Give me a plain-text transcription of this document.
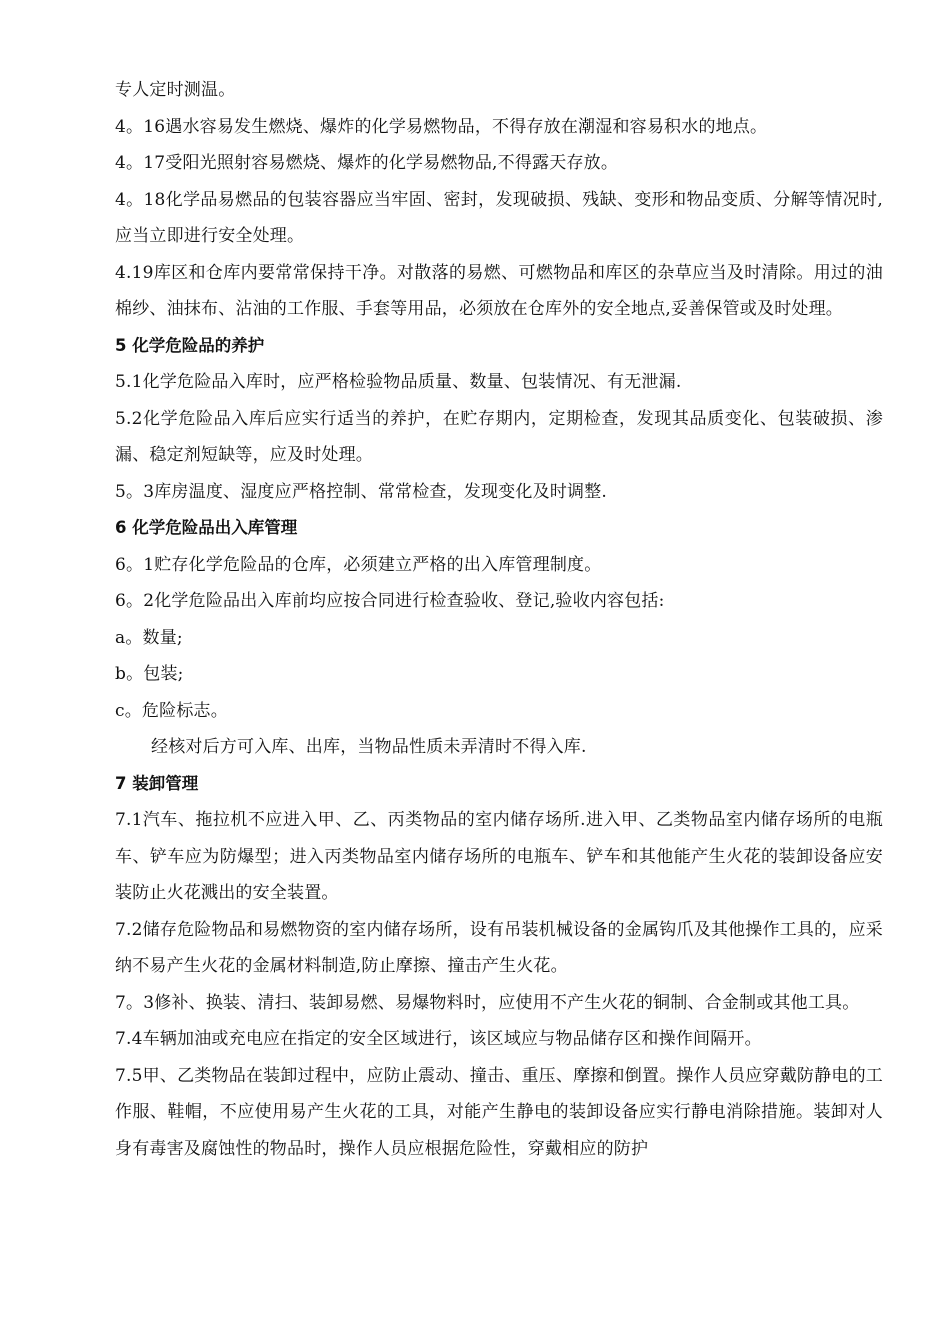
专人定时测温。

4。16遇水容易发生燃烧、爆炸的化学易燃物品，不得存放在潮湿和容易积水的地点。

4。17受阳光照射容易燃烧、爆炸的化学易燃物品,不得露天存放。

4。18化学品易燃品的包装容器应当牢固、密封，发现破损、残缺、变形和物品变质、分解等情况时,应当立即进行安全处理。

4.19库区和仓库内要常常保持干净。对散落的易燃、可燃物品和库区的杂草应当及时清除。用过的油棉纱、油抹布、沾油的工作服、手套等用品，必须放在仓库外的安全地点,妥善保管或及时处理。

5 化学危险品的养护

5.1化学危险品入库时，应严格检验物品质量、数量、包装情况、有无泄漏.

5.2化学危险品入库后应实行适当的养护，在贮存期内，定期检查，发现其品质变化、包装破损、渗漏、稳定剂短缺等，应及时处理。

5。3库房温度、湿度应严格控制、常常检查，发现变化及时调整.

6 化学危险品出入库管理

6。1贮存化学危险品的仓库，必须建立严格的出入库管理制度。

6。2化学危险品出入库前均应按合同进行检查验收、登记,验收内容包括:

a。数量;

b。包装;

c。危险标志。

经核对后方可入库、出库，当物品性质未弄清时不得入库.

7 装卸管理

7.1汽车、拖拉机不应进入甲、乙、丙类物品的室内储存场所.进入甲、乙类物品室内储存场所的电瓶车、铲车应为防爆型；进入丙类物品室内储存场所的电瓶车、铲车和其他能产生火花的装卸设备应安装防止火花溅出的安全装置。

7.2储存危险物品和易燃物资的室内储存场所，设有吊装机械设备的金属钩爪及其他操作工具的，应采纳不易产生火花的金属材料制造,防止摩擦、撞击产生火花。

7。3修补、换装、清扫、装卸易燃、易爆物料时，应使用不产生火花的铜制、合金制或其他工具。

7.4车辆加油或充电应在指定的安全区域进行，该区域应与物品储存区和操作间隔开。

7.5甲、乙类物品在装卸过程中，应防止震动、撞击、重压、摩擦和倒置。操作人员应穿戴防静电的工作服、鞋帽，不应使用易产生火花的工具，对能产生静电的装卸设备应实行静电消除措施。装卸对人身有毒害及腐蚀性的物品时，操作人员应根据危险性，穿戴相应的防护
